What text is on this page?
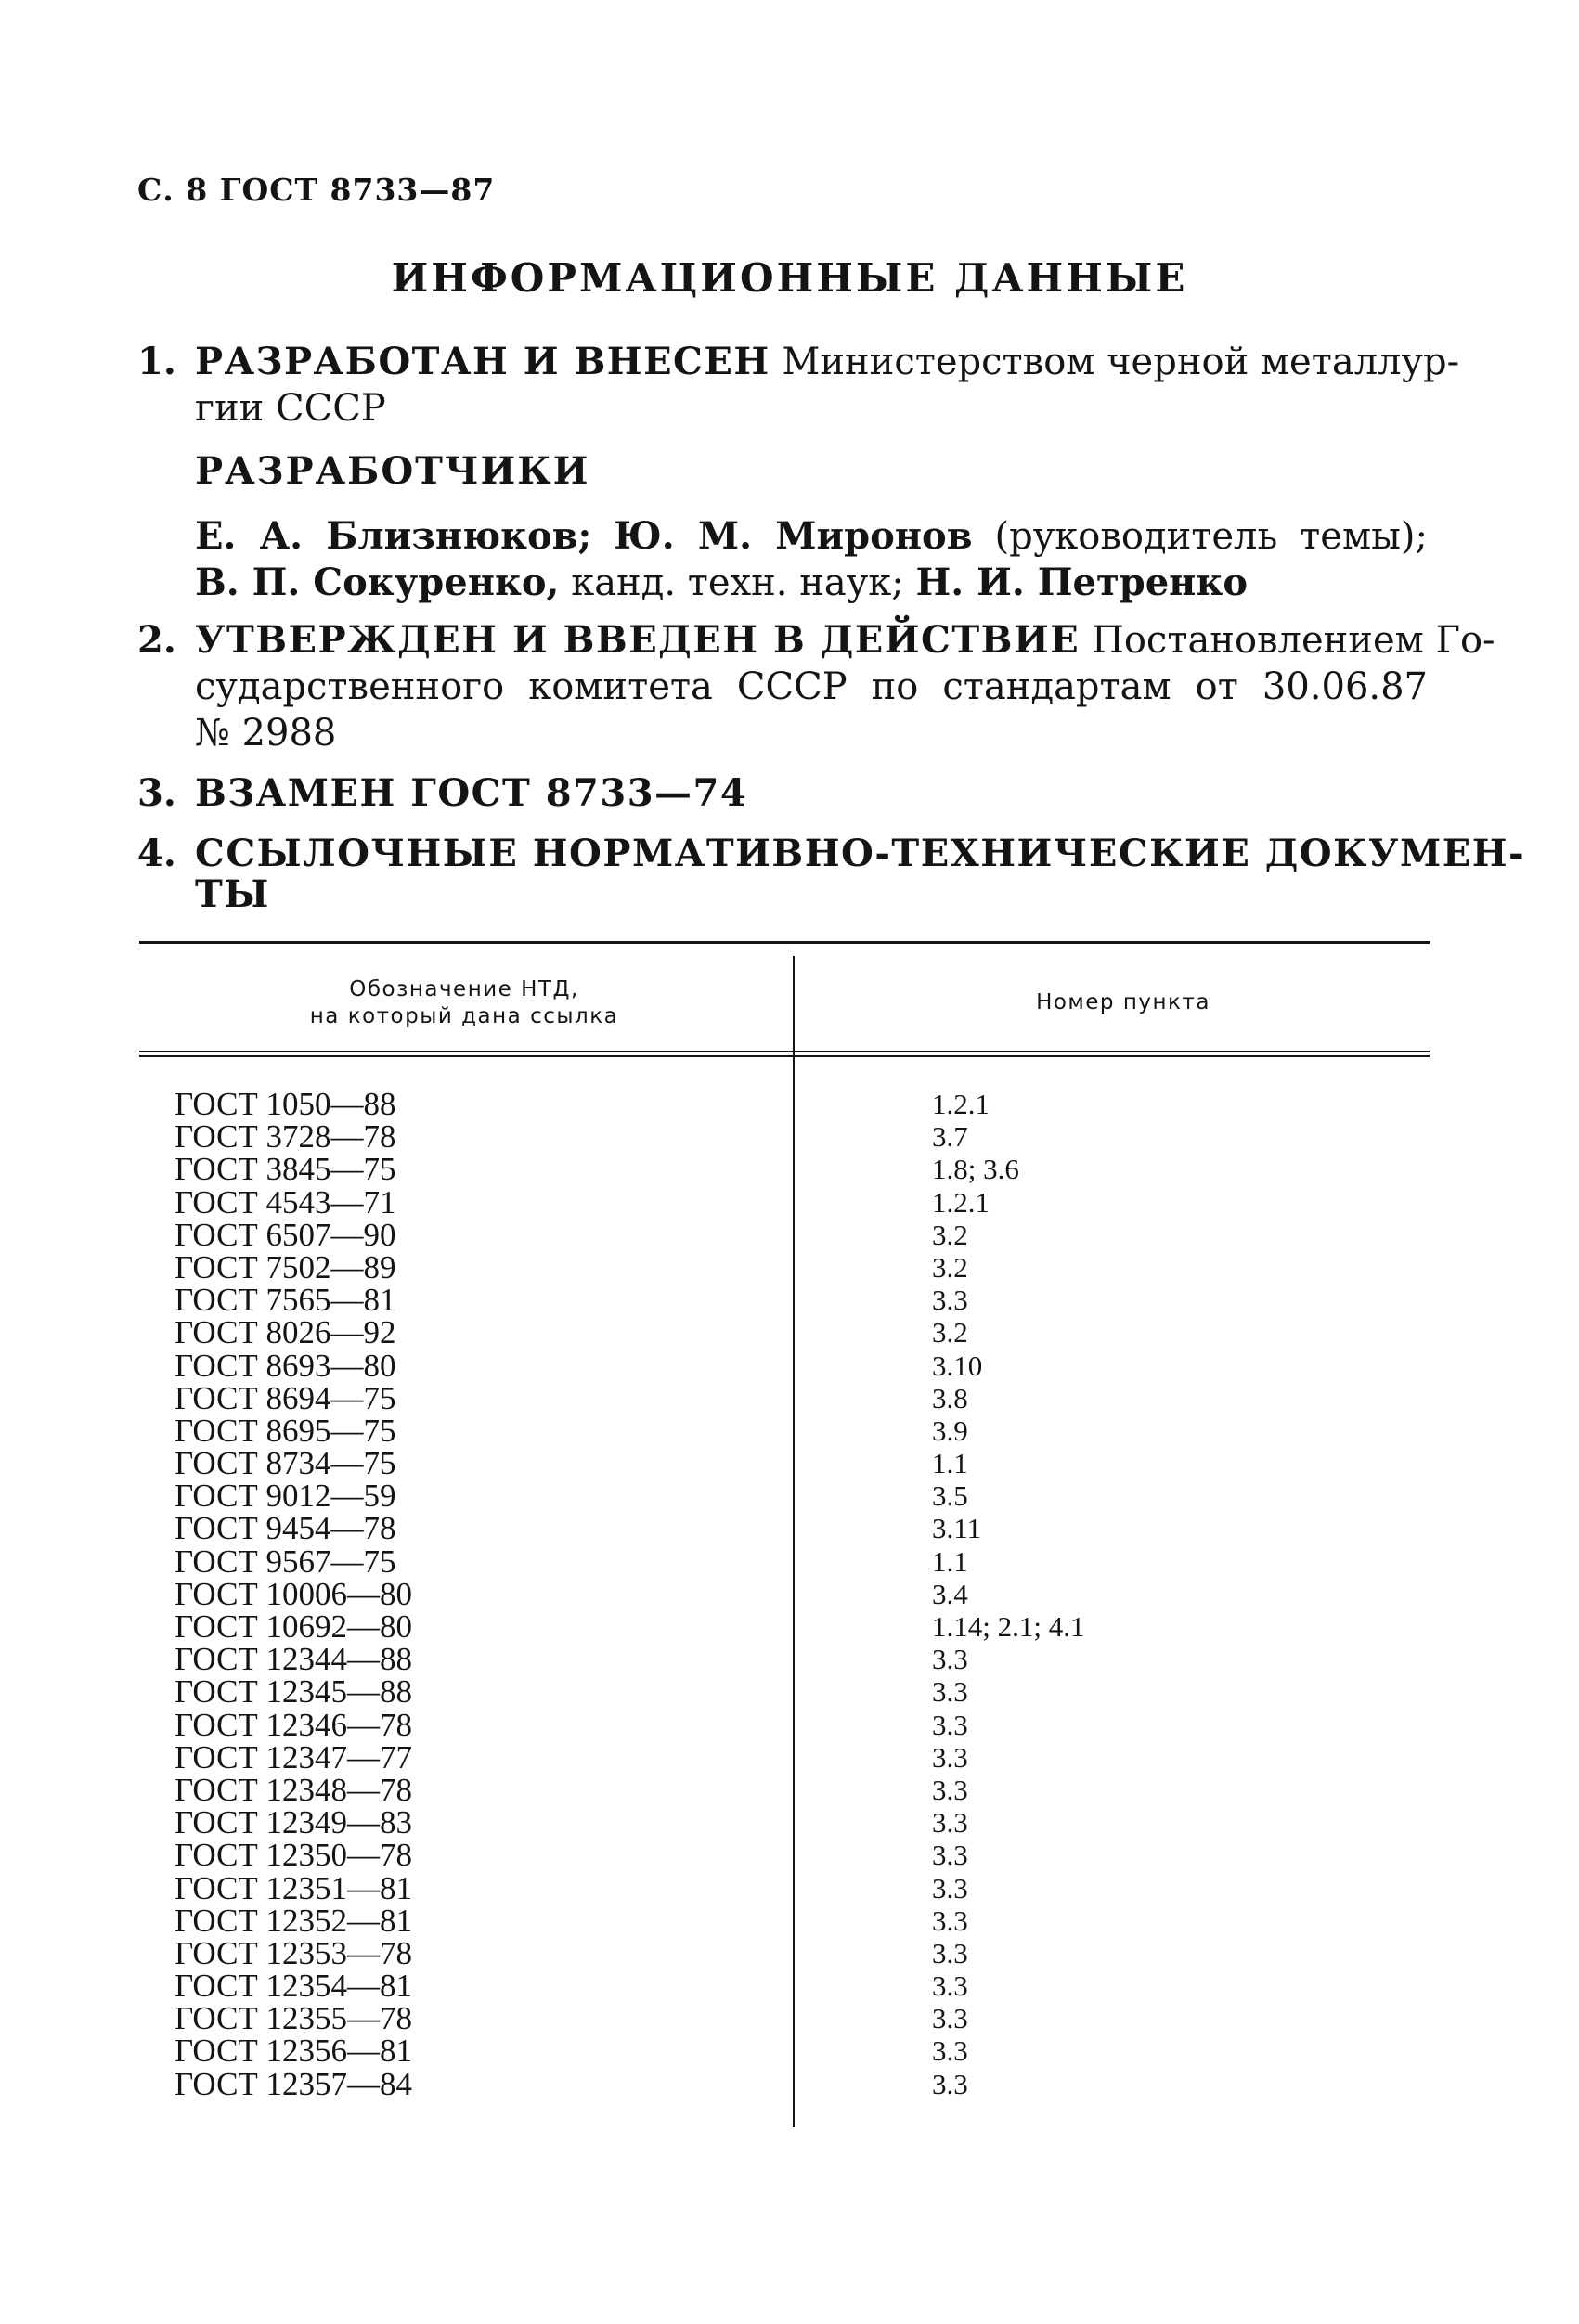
С. 8 ГОСТ 8733—87
ИНФОРМАЦИОННЫЕ ДАННЫЕ
1. РАЗРАБОТАН И ВНЕСЕН Министерством черной металлур-
гии СССР
РАЗРАБОТЧИКИ
Е. А. Близнюков; Ю. М. Миронов (руководитель темы);
В. П. Сокуренко, канд. техн. наук; Н. И. Петренко
2. УТВЕРЖДЕН И ВВЕДЕН В ДЕЙСТВИЕ Постановлением Го-
сударственного комитета СССР по стандартам от 30.06.87
№ 2988
3. ВЗАМЕН ГОСТ 8733—74
4. ССЫЛОЧНЫЕ НОРМАТИВНО-ТЕХНИЧЕСКИЕ ДОКУМЕН-
ТЫ
Обозначение НТД,
на который дана ссылка
Номер пункта
ГОСТ 1050—88
ГОСТ 3728—78
ГОСТ 3845—75
ГОСТ 4543—71
ГОСТ 6507—90
ГОСТ 7502—89
ГОСТ 7565—81
ГОСТ 8026—92
ГОСТ 8693—80
ГОСТ 8694—75
ГОСТ 8695—75
ГОСТ 8734—75
ГОСТ 9012—59
ГОСТ 9454—78
ГОСТ 9567—75
ГОСТ 10006—80
ГОСТ 10692—80
ГОСТ 12344—88
ГОСТ 12345—88
ГОСТ 12346—78
ГОСТ 12347—77
ГОСТ 12348—78
ГОСТ 12349—83
ГОСТ 12350—78
ГОСТ 12351—81
ГОСТ 12352—81
ГОСТ 12353—78
ГОСТ 12354—81
ГОСТ 12355—78
ГОСТ 12356—81
ГОСТ 12357—84
1.2.1
3.7
1.8; 3.6
1.2.1
3.2
3.2
3.3
3.2
3.10
3.8
3.9
1.1
3.5
3.11
1.1
3.4
1.14; 2.1; 4.1
3.3
3.3
3.3
3.3
3.3
3.3
3.3
3.3
3.3
3.3
3.3
3.3
3.3
3.3
